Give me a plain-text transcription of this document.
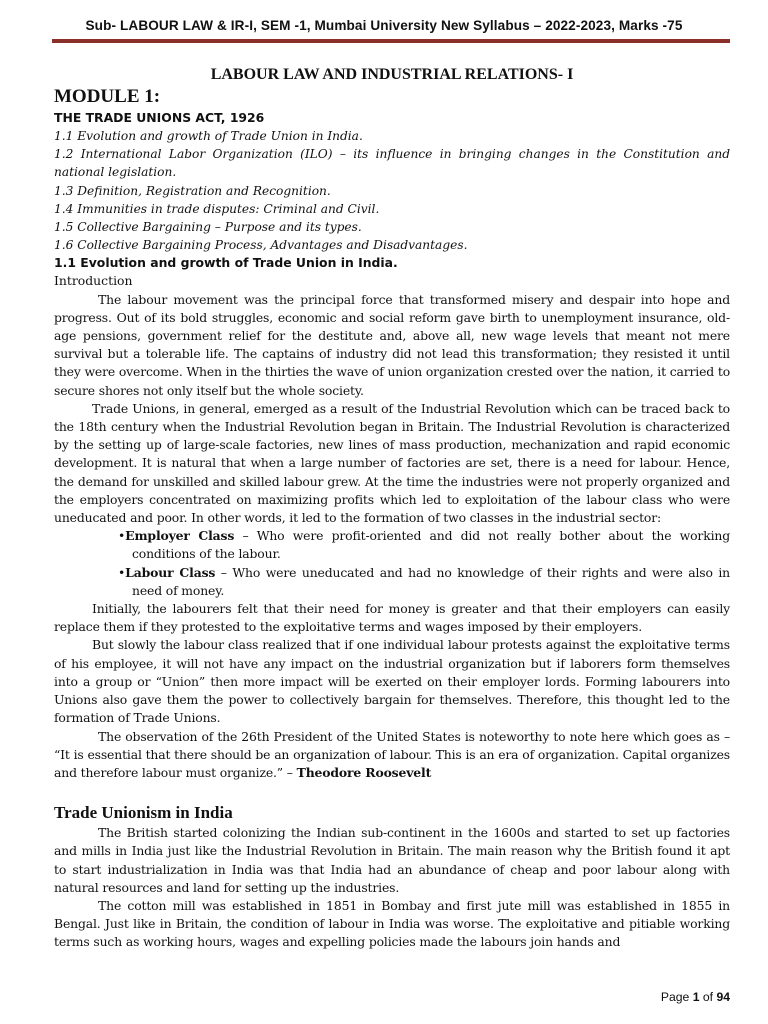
Sub- LABOUR LAW & IR-I, SEM -1, Mumbai University New Syllabus – 2022-2023, Marks -75
LABOUR LAW AND INDUSTRIAL RELATIONS- I
MODULE 1:
THE TRADE UNIONS ACT, 1926
1.1 Evolution and growth of Trade Union in India.
1.2 International Labor Organization (ILO) – its influence in bringing changes in the Constitution and national legislation.
1.3 Definition, Registration and Recognition.
1.4 Immunities in trade disputes: Criminal and Civil.
1.5 Collective Bargaining – Purpose and its types.
1.6 Collective Bargaining Process, Advantages and Disadvantages.
1.1 Evolution and growth of Trade Union in India.

Introduction

The labour movement was the principal force that transformed misery and despair into hope and progress. Out of its bold struggles, economic and social reform gave birth to unemployment insurance, old-age pensions, government relief for the destitute and, above all, new wage levels that meant not mere survival but a tolerable life. The captains of industry did not lead this transformation; they resisted it until they were overcome. When in the thirties the wave of union organization crested over the nation, it carried to secure shores not only itself but the whole society.

Trade Unions, in general, emerged as a result of the Industrial Revolution which can be traced back to the 18th century when the Industrial Revolution began in Britain. The Industrial Revolution is characterized by the setting up of large-scale factories, new lines of mass production, mechanization and rapid economic development. It is natural that when a large number of factories are set, there is a need for labour. Hence, the demand for unskilled and skilled labour grew. At the time the industries were not properly organized and the employers concentrated on maximizing profits which led to exploitation of the labour class who were uneducated and poor. In other words, it led to the formation of two classes in the industrial sector:

•Employer Class – Who were profit-oriented and did not really bother about the working conditions of the labour.
•Labour Class – Who were uneducated and had no knowledge of their rights and were also in need of money.

Initially, the labourers felt that their need for money is greater and that their employers can easily replace them if they protested to the exploitative terms and wages imposed by their employers.

But slowly the labour class realized that if one individual labour protests against the exploitative terms of his employee, it will not have any impact on the industrial organization but if laborers form themselves into a group or “Union” then more impact will be exerted on their employer lords. Forming labourers into Unions also gave them the power to collectively bargain for themselves. Therefore, this thought led to the formation of Trade Unions.

The observation of the 26th President of the United States is noteworthy to note here which goes as – “It is essential that there should be an organization of labour. This is an era of organization. Capital organizes and therefore labour must organize.” – Theodore Roosevelt

Trade Unionism in India

The British started colonizing the Indian sub-continent in the 1600s and started to set up factories and mills in India just like the Industrial Revolution in Britain. The main reason why the British found it apt to start industrialization in India was that India had an abundance of cheap and poor labour along with natural resources and land for setting up the industries.

The cotton mill was established in 1851 in Bombay and first jute mill was established in 1855 in Bengal. Just like in Britain, the condition of labour in India was worse. The exploitative and pitiable working terms such as working hours, wages and expelling policies made the labours join hands and

Page 1 of 94
